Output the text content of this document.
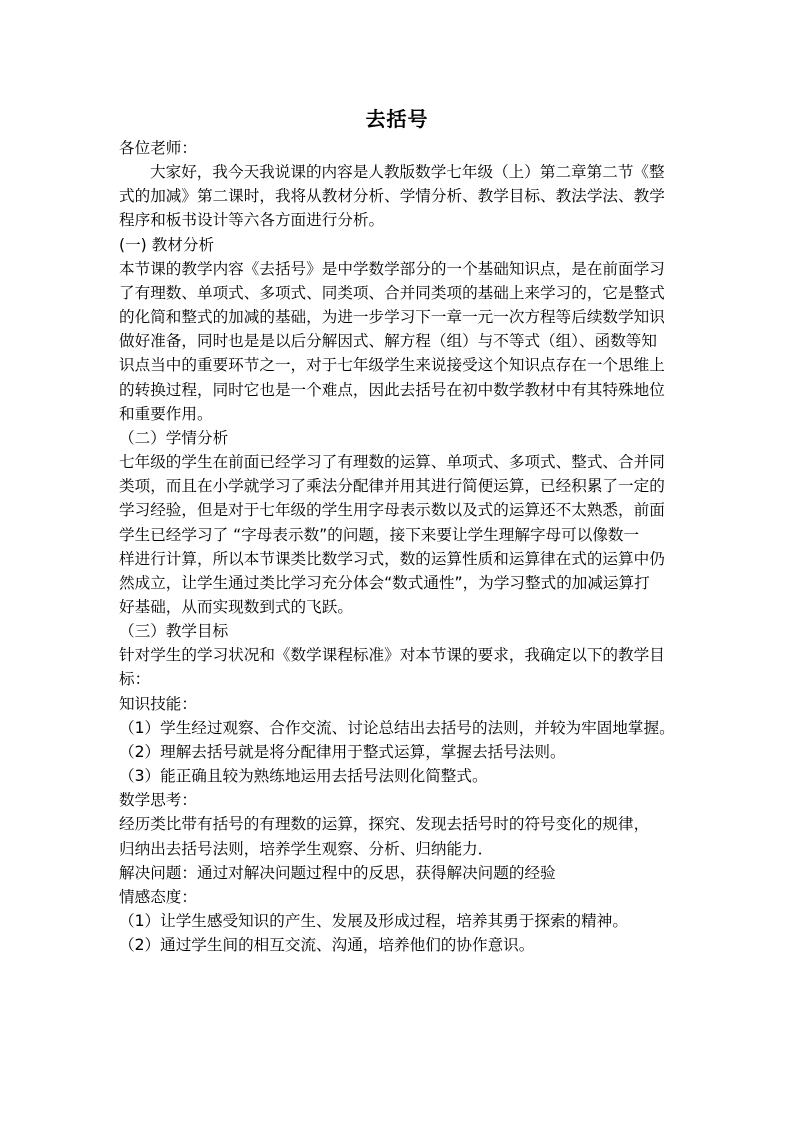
去括号

各位老师：

大家好，我今天我说课的内容是人教版数学七年级（上）第二章第二节《整

式的加减》第二课时，我将从教材分析、学情分析、教学目标、教法学法、教学

程序和板书设计等六各方面进行分析。

(一) 教材分析

本节课的教学内容《去括号》是中学数学部分的一个基础知识点，是在前面学习

了有理数、单项式、多项式、同类项、合并同类项的基础上来学习的，它是整式

的化简和整式的加减的基础，为进一步学习下一章一元一次方程等后续数学知识

做好准备，同时也是是以后分解因式、解方程（组）与不等式（组）、函数等知

识点当中的重要环节之一，对于七年级学生来说接受这个知识点存在一个思维上

的转换过程，同时它也是一个难点，因此去括号在初中数学教材中有其特殊地位

和重要作用。

（二）学情分析

七年级的学生在前面已经学习了有理数的运算、单项式、多项式、整式、合并同

类项，而且在小学就学习了乘法分配律并用其进行简便运算，已经积累了一定的

学习经验，但是对于七年级的学生用字母表示数以及式的运算还不太熟悉，前面

学生已经学习了 “字母表示数”的问题，接下来要让学生理解字母可以像数一

样进行计算，所以本节课类比数学习式，数的运算性质和运算律在式的运算中仍

然成立，让学生通过类比学习充分体会“数式通性”，为学习整式的加减运算打

好基础，从而实现数到式的飞跃。

（三）教学目标

针对学生的学习状况和《数学课程标准》对本节课的要求，我确定以下的教学目

标：

知识技能：

（1）学生经过观察、合作交流、讨论总结出去括号的法则，并较为牢固地掌握。

（2）理解去括号就是将分配律用于整式运算，掌握去括号法则。

（3）能正确且较为熟练地运用去括号法则化简整式。

数学思考：

经历类比带有括号的有理数的运算，探究、发现去括号时的符号变化的规律，

归纳出去括号法则，培养学生观察、分析、归纳能力．

解决问题：通过对解决问题过程中的反思，获得解决问题的经验

情感态度：

（1）让学生感受知识的产生、发展及形成过程，培养其勇于探索的精神。

（2）通过学生间的相互交流、沟通，培养他们的协作意识。
